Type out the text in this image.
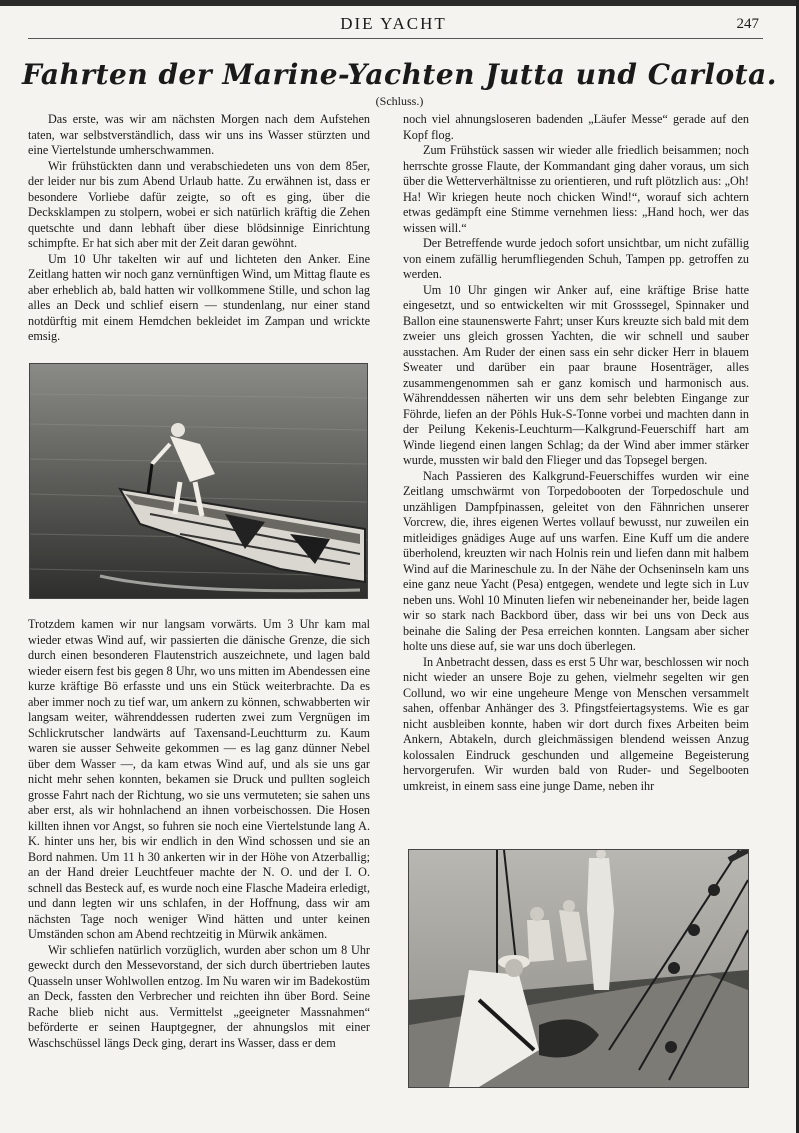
DIE YACHT	247
Fahrten der Marine-Yachten Jutta und Carlota.
(Schluss.)

Das erste, was wir am nächsten Morgen nach dem Aufstehen taten, war selbstverständlich, dass wir uns ins Wasser stürzten und eine Viertelstunde umherschwammen.

Wir frühstückten dann und verabschiedeten uns von dem 85er, der leider nur bis zum Abend Urlaub hatte. Zu erwähnen ist, dass er besondere Vorliebe dafür zeigte, so oft es ging, über die Decksklampen zu stolpern, wobei er sich natürlich kräftig die Zehen quetschte und dann lebhaft über diese blödsinnige Einrichtung schimpfte. Er hat sich aber mit der Zeit daran gewöhnt.

Um 10 Uhr takelten wir auf und lichteten den Anker. Eine Zeitlang hatten wir noch ganz vernünftigen Wind, um Mittag flaute es aber erheblich ab, bald hatten wir vollkommene Stille, und schon lag alles an Deck und schlief eisern — stundenlang, nur einer stand notdürftig mit einem Hemdchen bekleidet im Zampan und wrickte emsig.

Trotzdem kamen wir nur langsam vorwärts. Um 3 Uhr kam mal wieder etwas Wind auf, wir passierten die dänische Grenze, die sich durch einen besonderen Flautenstrich auszeichnete, und lagen bald wieder eisern fest bis gegen 8 Uhr, wo uns mitten im Abendessen eine kurze kräftige Bö erfasste und uns ein Stück weiterbrachte. Da es aber immer noch zu tief war, um ankern zu können, schwabberten wir langsam weiter, währenddessen ruderten zwei zum Vergnügen im Schlickrutscher landwärts auf Taxensand-Leuchtturm zu. Kaum waren sie ausser Sehweite gekommen — es lag ganz dünner Nebel über dem Wasser —, da kam etwas Wind auf, und als sie uns gar nicht mehr sehen konnten, bekamen sie Druck und pullten sogleich grosse Fahrt nach der Richtung, wo sie uns vermuteten; sie sahen uns aber erst, als wir hohnlachend an ihnen vorbeischossen. Die Hosen killten ihnen vor Angst, so fuhren sie noch eine Viertelstunde lang A. K. hinter uns her, bis wir endlich in den Wind schossen und sie an Bord nahmen. Um 11 h 30 ankerten wir in der Höhe von Atzerballig; an der Hand dreier Leuchtfeuer machte der N. O. und der I. O. schnell das Besteck auf, es wurde noch eine Flasche Madeira erledigt, und dann legten wir uns schlafen, in der Hoffnung, dass wir am nächsten Tage noch weniger Wind hätten und unter keinen Umständen schon am Abend rechtzeitig in Mürwik ankämen.

Wir schliefen natürlich vorzüglich, wurden aber schon um 8 Uhr geweckt durch den Messevorstand, der sich durch übertrieben lautes Quasseln unser Wohlwollen entzog. Im Nu waren wir im Badekostüm an Deck, fassten den Verbrecher und reichten ihn über Bord. Seine Rache blieb nicht aus. Vermittelst „geeigneter Massnahmen“ beförderte er seinen Hauptgegner, der ahnungslos mit einer Waschschüssel längs Deck ging, derart ins Wasser, dass er dem

noch viel ahnungsloseren badenden „Läufer Messe“ gerade auf den Kopf flog.

Zum Frühstück sassen wir wieder alle friedlich beisammen; noch herrschte grosse Flaute, der Kommandant ging daher voraus, um sich über die Wetterverhältnisse zu orientieren, und ruft plötzlich aus: „Oh! Ha! Wir kriegen heute noch chicken Wind!“, worauf sich achtern etwas gedämpft eine Stimme vernehmen liess: „Hand hoch, wer das wissen will.“

Der Betreffende wurde jedoch sofort unsichtbar, um nicht zufällig von einem zufällig herumfliegenden Schuh, Tampen pp. getroffen zu werden.

Um 10 Uhr gingen wir Anker auf, eine kräftige Brise hatte eingesetzt, und so entwickelten wir mit Grosssegel, Spinnaker und Ballon eine staunenswerte Fahrt; unser Kurs kreuzte sich bald mit dem zweier uns gleich grossen Yachten, die wir schnell und sauber ausstachen. Am Ruder der einen sass ein sehr dicker Herr in blauem Sweater und darüber ein paar braune Hosenträger, alles zusammengenommen sah er ganz komisch und harmonisch aus. Währenddessen näherten wir uns dem sehr belebten Eingange zur Föhrde, liefen an der Pöhls Huk-S-Tonne vorbei und machten dann in der Peilung Kekenis-Leuchturm—Kalkgrund-Feuerschiff hart am Winde liegend einen langen Schlag; da der Wind aber immer stärker wurde, mussten wir bald den Flieger und das Topsegel bergen.

Nach Passieren des Kalkgrund-Feuerschiffes wurden wir eine Zeitlang umschwärmt von Torpedobooten der Torpedoschule und unzähligen Dampfpinassen, geleitet von den Fähnrichen unserer Vorcrew, die, ihres eigenen Wertes vollauf bewusst, nur zuweilen ein mitleidiges gnädiges Auge auf uns warfen. Eine Kuff um die andere überholend, kreuzten wir nach Holnis rein und liefen dann mit halbem Wind auf die Marineschule zu. In der Nähe der Ochseninseln kam uns eine ganz neue Yacht (Pesa) entgegen, wendete und legte sich in Luv neben uns. Wohl 10 Minuten liefen wir nebeneinander her, beide lagen wir so stark nach Backbord über, dass wir bei uns von Deck aus beinahe die Saling der Pesa erreichen konnten. Langsam aber sicher holte uns diese auf, sie war uns doch überlegen.

In Anbetracht dessen, dass es erst 5 Uhr war, beschlossen wir noch nicht wieder an unsere Boje zu gehen, vielmehr segelten wir gen Collund, wo wir eine ungeheure Menge von Menschen versammelt sahen, offenbar Anhänger des 3. Pfingstfeiertagsystems. Wie es gar nicht ausbleiben konnte, haben wir dort durch fixes Arbeiten beim Ankern, Abtakeln, durch gleichmässigen blendend weissen Anzug kolossalen Eindruck geschunden und allgemeine Begeisterung hervorgerufen. Wir wurden bald von Ruder- und Segelbooten umkreist, in einem sass eine junge Dame, neben ihr
